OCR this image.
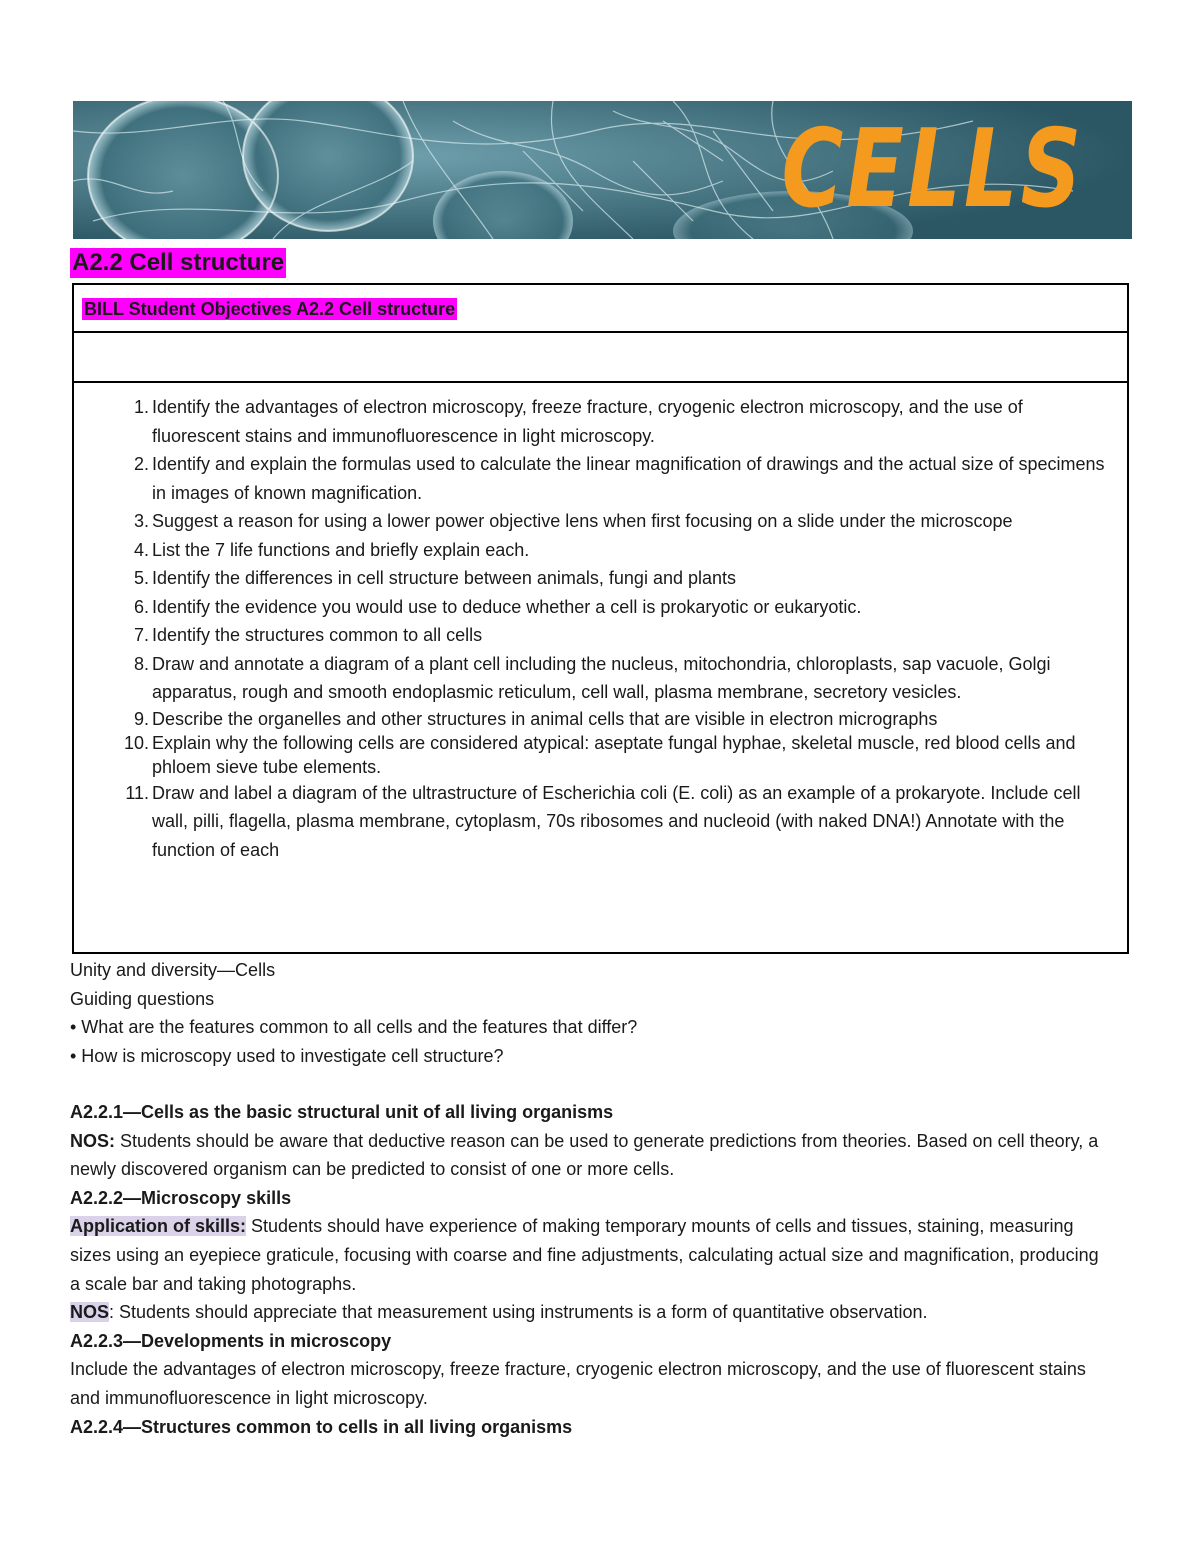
CELLS
A2.2 Cell structure
BILL Student Objectives A2.2 Cell structure
1. Identify the advantages of electron microscopy, freeze fracture, cryogenic electron microscopy, and the use of fluorescent stains and immunofluorescence in light microscopy.
2. Identify and explain the formulas used to calculate the linear magnification of drawings and the actual size of specimens in images of known magnification.
3. Suggest a reason for using a lower power objective lens when first focusing on a slide under the microscope
4. List the 7 life functions and briefly explain each.
5. Identify the differences in cell structure between animals, fungi and plants
6. Identify the evidence you would use to deduce whether a cell is prokaryotic or eukaryotic.
7. Identify the structures common to all cells
8. Draw and annotate a diagram of a plant cell including the nucleus, mitochondria, chloroplasts, sap vacuole, Golgi apparatus, rough and smooth endoplasmic reticulum, cell wall, plasma membrane, secretory vesicles.
9. Describe the organelles and other structures in animal cells that are visible in electron micrographs
10. Explain why the following cells are considered atypical: aseptate fungal hyphae, skeletal muscle, red blood cells and phloem sieve tube elements.
11. Draw and label a diagram of the ultrastructure of Escherichia coli (E. coli) as an example of a prokaryote. Include cell wall, pilli, flagella, plasma membrane, cytoplasm, 70s ribosomes and nucleoid (with naked DNA!) Annotate with the function of each
Unity and diversity—Cells
Guiding questions
• What are the features common to all cells and the features that differ?
• How is microscopy used to investigate cell structure?
A2.2.1—Cells as the basic structural unit of all living organisms
NOS: Students should be aware that deductive reason can be used to generate predictions from theories. Based on cell theory, a newly discovered organism can be predicted to consist of one or more cells.
A2.2.2—Microscopy skills
Application of skills: Students should have experience of making temporary mounts of cells and tissues, staining, measuring sizes using an eyepiece graticule, focusing with coarse and fine adjustments, calculating actual size and magnification, producing a scale bar and taking photographs.
NOS: Students should appreciate that measurement using instruments is a form of quantitative observation.
A2.2.3—Developments in microscopy
Include the advantages of electron microscopy, freeze fracture, cryogenic electron microscopy, and the use of fluorescent stains and immunofluorescence in light microscopy.
A2.2.4—Structures common to cells in all living organisms
